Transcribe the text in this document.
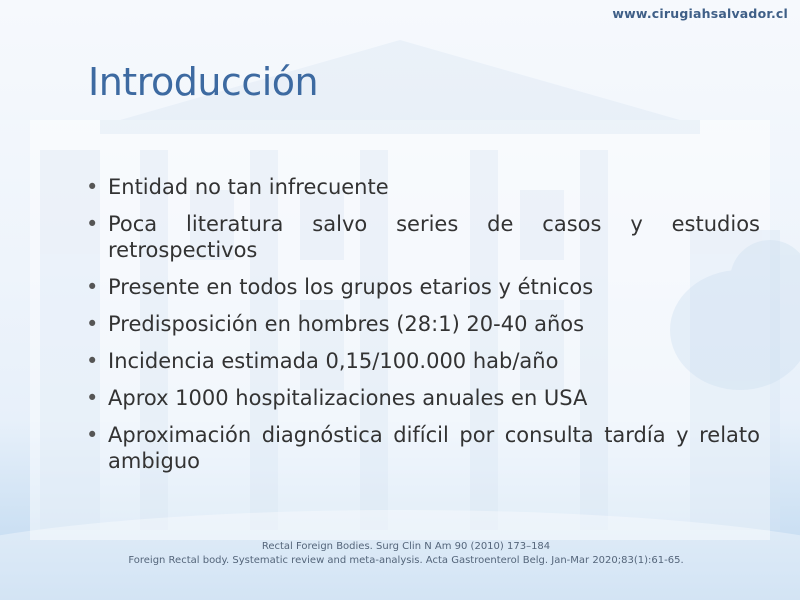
www.cirugiahsalvador.cl
Introducción
• Entidad no tan infrecuente
• Poca literatura salvo series de casos y estudios retrospectivos
• Presente en todos los grupos etarios y étnicos
• Predisposición en hombres (28:1) 20-40 años
• Incidencia estimada 0,15/100.000 hab/año
• Aprox 1000 hospitalizaciones anuales en USA
• Aproximación diagnóstica difícil por consulta tardía y relato ambiguo
Rectal Foreign Bodies. Surg Clin N Am 90 (2010) 173–184
Foreign Rectal body. Systematic review and meta-analysis. Acta Gastroenterol Belg. Jan-Mar 2020;83(1):61-65.
